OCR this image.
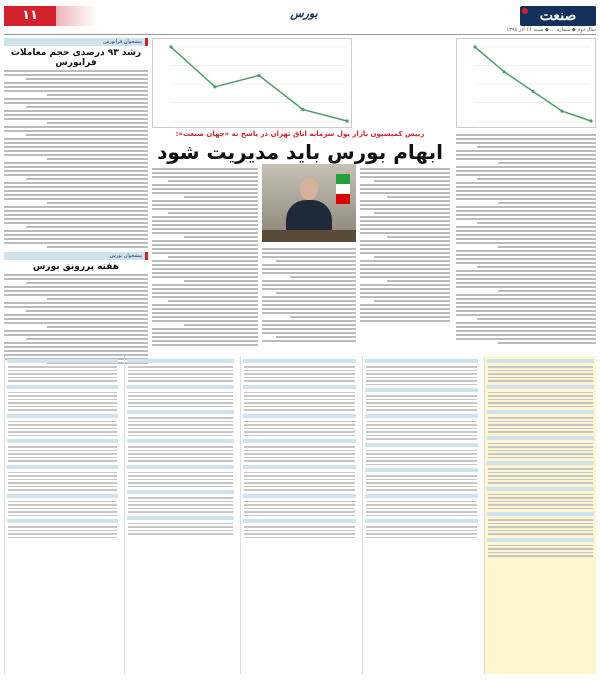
صنعت
بورس
۱۱
سال دوم ◆ شماره ... ◆ شنبه ۱۶ آذر ۱۳۹۸
پیشخوان فرابورس
رشد ۹۳ درصدی حجم معاملات فرابورس
پیشخوان بورس
هفته پررونق بورس
رییس کمیسیون بازار پول سرمایه اتاق تهران در پاسخ به «جهان صنعت»:
ابهام بورس باید مدیریت شود
